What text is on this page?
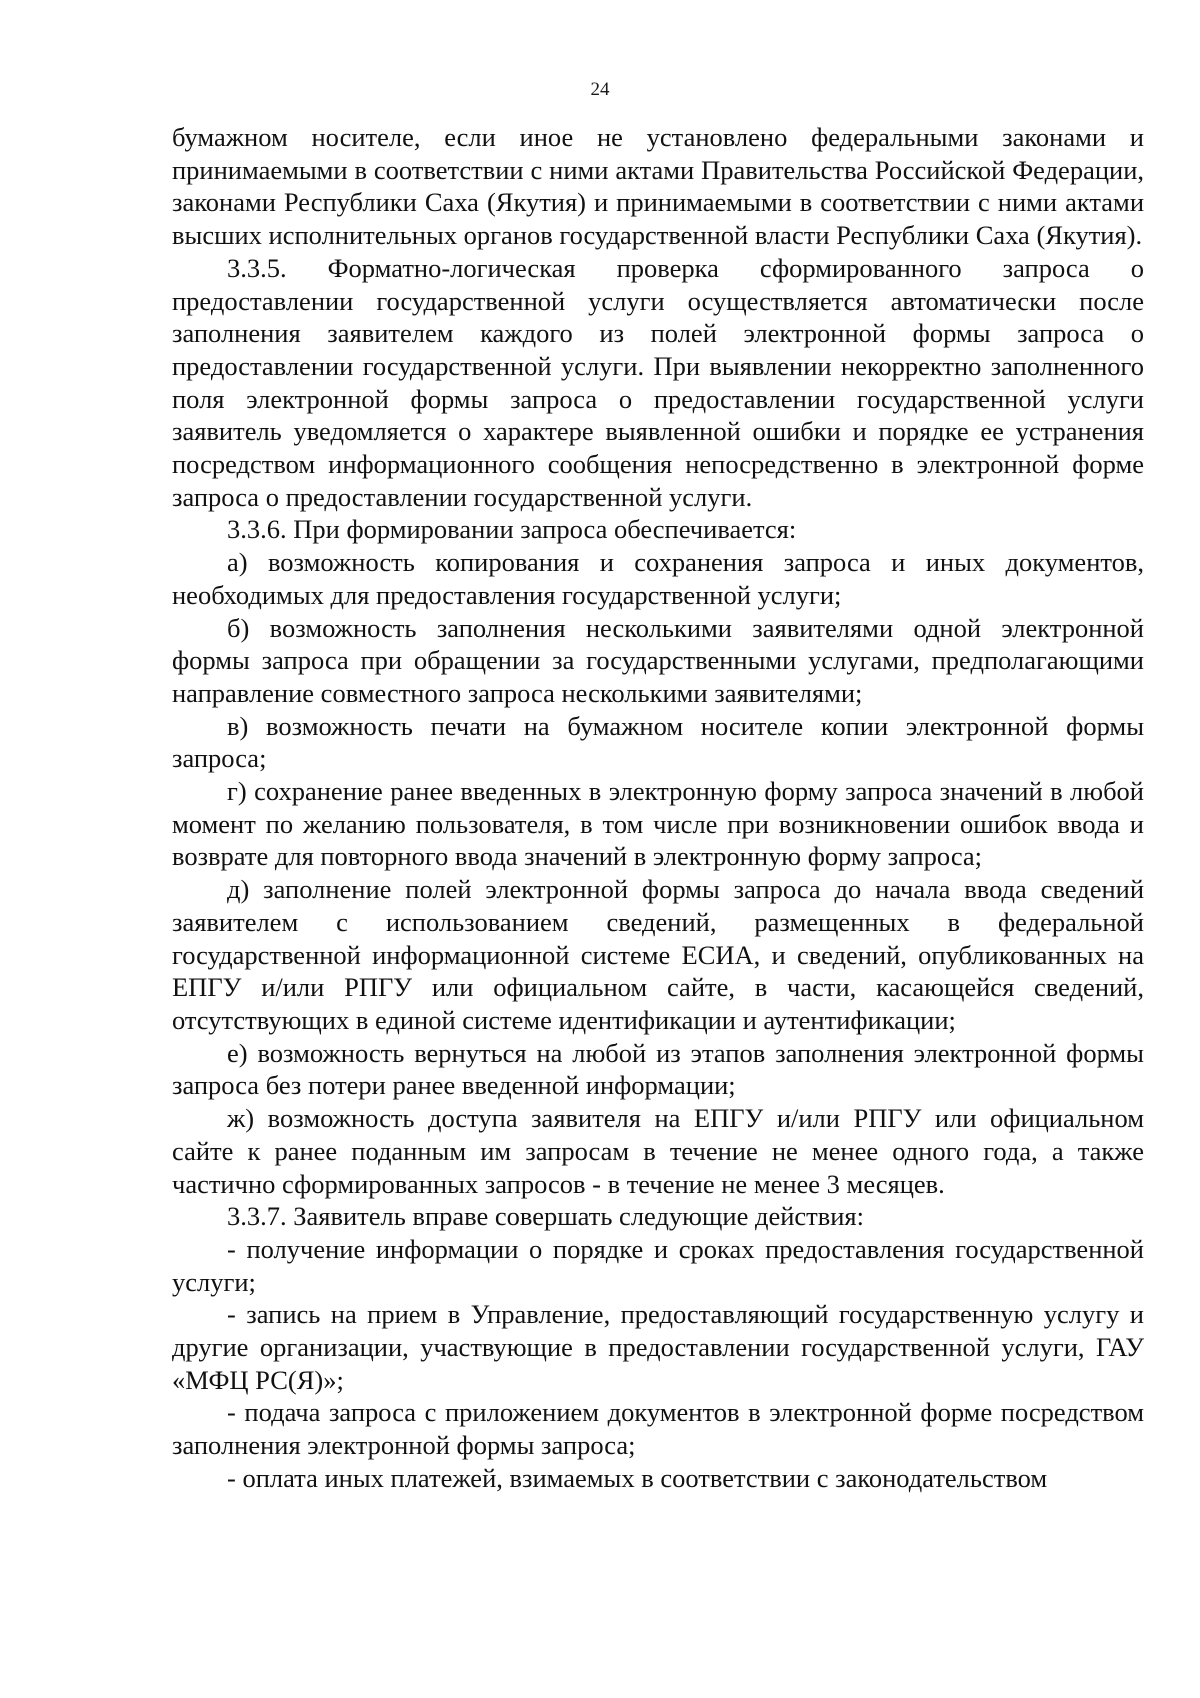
24

бумажном носителе, если иное не установлено федеральными законами и принимаемыми в соответствии с ними актами Правительства Российской Федерации, законами Республики Саха (Якутия) и принимаемыми в соответствии с ними актами высших исполнительных органов государственной власти Республики Саха (Якутия).

3.3.5. Форматно-логическая проверка сформированного запроса о предоставлении государственной услуги осуществляется автоматически после заполнения заявителем каждого из полей электронной формы запроса о предоставлении государственной услуги. При выявлении некорректно заполненного поля электронной формы запроса о предоставлении государственной услуги заявитель уведомляется о характере выявленной ошибки и порядке ее устранения посредством информационного сообщения непосредственно в электронной форме запроса о предоставлении государственной услуги.

3.3.6. При формировании запроса обеспечивается:

а) возможность копирования и сохранения запроса и иных документов, необходимых для предоставления государственной услуги;

б) возможность заполнения несколькими заявителями одной электронной формы запроса при обращении за государственными услугами, предполагающими направление совместного запроса несколькими заявителями;

в) возможность печати на бумажном носителе копии электронной формы запроса;

г) сохранение ранее введенных в электронную форму запроса значений в любой момент по желанию пользователя, в том числе при возникновении ошибок ввода и возврате для повторного ввода значений в электронную форму запроса;

д) заполнение полей электронной формы запроса до начала ввода сведений заявителем с использованием сведений, размещенных в федеральной государственной информационной системе ЕСИА, и сведений, опубликованных на ЕПГУ и/или РПГУ или официальном сайте, в части, касающейся сведений, отсутствующих в единой системе идентификации и аутентификации;

е) возможность вернуться на любой из этапов заполнения электронной формы запроса без потери ранее введенной информации;

ж) возможность доступа заявителя на ЕПГУ и/или РПГУ или официальном сайте к ранее поданным им запросам в течение не менее одного года, а также частично сформированных запросов - в течение не менее 3 месяцев.

3.3.7. Заявитель вправе совершать следующие действия:

- получение информации о порядке и сроках предоставления государственной услуги;

- запись на прием в Управление, предоставляющий государственную услугу и другие организации, участвующие в предоставлении государственной услуги, ГАУ «МФЦ РС(Я)»;

- подача запроса с приложением документов в электронной форме посредством заполнения электронной формы запроса;

- оплата иных платежей, взимаемых в соответствии с законодательством
